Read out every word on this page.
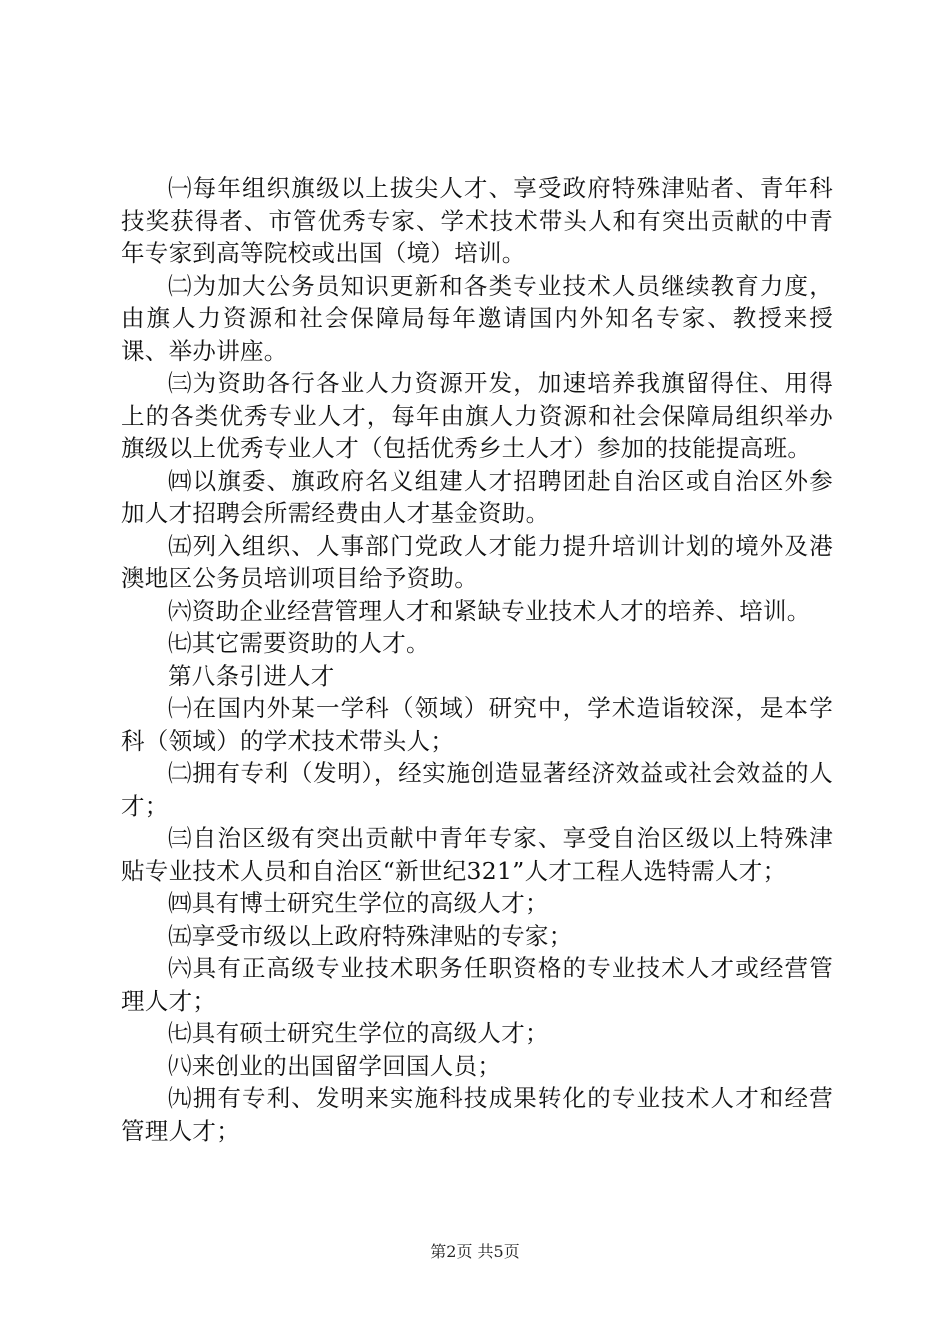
㈠每年组织旗级以上拔尖人才、享受政府特殊津贴者、青年科技奖获得者、市管优秀专家、学术技术带头人和有突出贡献的中青年专家到高等院校或出国（境）培训。

㈡为加大公务员知识更新和各类专业技术人员继续教育力度，由旗人力资源和社会保障局每年邀请国内外知名专家、教授来授课、举办讲座。

㈢为资助各行各业人力资源开发，加速培养我旗留得住、用得上的各类优秀专业人才，每年由旗人力资源和社会保障局组织举办旗级以上优秀专业人才（包括优秀乡土人才）参加的技能提高班。

㈣以旗委、旗政府名义组建人才招聘团赴自治区或自治区外参加人才招聘会所需经费由人才基金资助。

㈤列入组织、人事部门党政人才能力提升培训计划的境外及港澳地区公务员培训项目给予资助。

㈥资助企业经营管理人才和紧缺专业技术人才的培养、培训。

㈦其它需要资助的人才。

第八条引进人才

㈠在国内外某一学科（领域）研究中，学术造诣较深，是本学科（领域）的学术技术带头人；

㈡拥有专利（发明），经实施创造显著经济效益或社会效益的人才；

㈢自治区级有突出贡献中青年专家、享受自治区级以上特殊津贴专业技术人员和自治区“新世纪321”人才工程人选特需人才；

㈣具有博士研究生学位的高级人才；

㈤享受市级以上政府特殊津贴的专家；

㈥具有正高级专业技术职务任职资格的专业技术人才或经营管理人才；

㈦具有硕士研究生学位的高级人才；

㈧来创业的出国留学回国人员；

㈨拥有专利、发明来实施科技成果转化的专业技术人才和经营管理人才；

第2页 共5页
